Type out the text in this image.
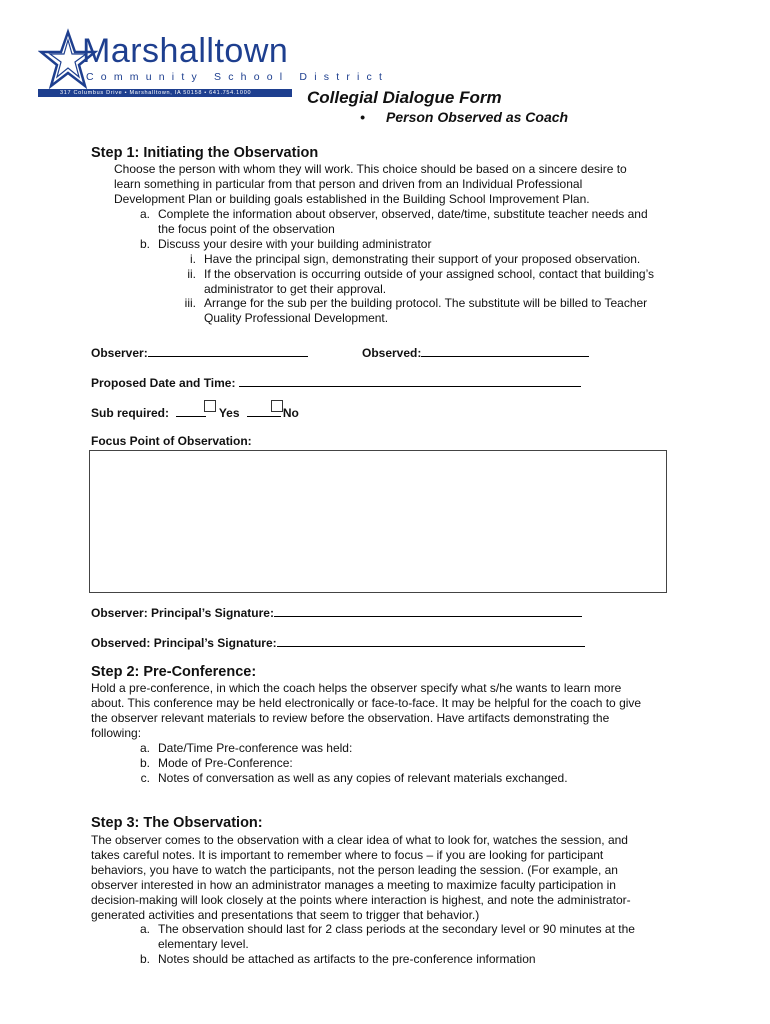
Marshalltown
Community School District
317 Columbus Drive • Marshalltown, IA 50158 • 641.754.1000	Collegial Dialogue Form
• Person Observed as Coach
Step 1: Initiating the Observation
Choose the person with whom they will work. This choice should be based on a sincere desire to
learn something in particular from that person and driven from an Individual Professional
Development Plan or building goals established in the Building School Improvement Plan.
a. Complete the information about observer, observed, date/time, substitute teacher needs and
the focus point of the observation
b. Discuss your desire with your building administrator
i. Have the principal sign, demonstrating their support of your proposed observation.
ii. If the observation is occurring outside of your assigned school, contact that building’s
administrator to get their approval.
iii. Arrange for the sub per the building protocol. The substitute will be billed to Teacher
Quality Professional Development.
Observer:	Observed:
Proposed Date and Time:
Sub required:	Yes	No
Focus Point of Observation:
Observer: Principal’s Signature:
Observed: Principal’s Signature:
Step 2: Pre-Conference:
Hold a pre-conference, in which the coach helps the observer specify what s/he wants to learn more
about. This conference may be held electronically or face-to-face. It may be helpful for the coach to give
the observer relevant materials to review before the observation. Have artifacts demonstrating the
following:
a. Date/Time Pre-conference was held:
b. Mode of Pre-Conference:
c. Notes of conversation as well as any copies of relevant materials exchanged.
Step 3: The Observation:
The observer comes to the observation with a clear idea of what to look for, watches the session, and
takes careful notes. It is important to remember where to focus – if you are looking for participant
behaviors, you have to watch the participants, not the person leading the session. (For example, an
observer interested in how an administrator manages a meeting to maximize faculty participation in
decision-making will look closely at the points where interaction is highest, and note the administrator-
generated activities and presentations that seem to trigger that behavior.)
a. The observation should last for 2 class periods at the secondary level or 90 minutes at the
elementary level.
b. Notes should be attached as artifacts to the pre-conference information
